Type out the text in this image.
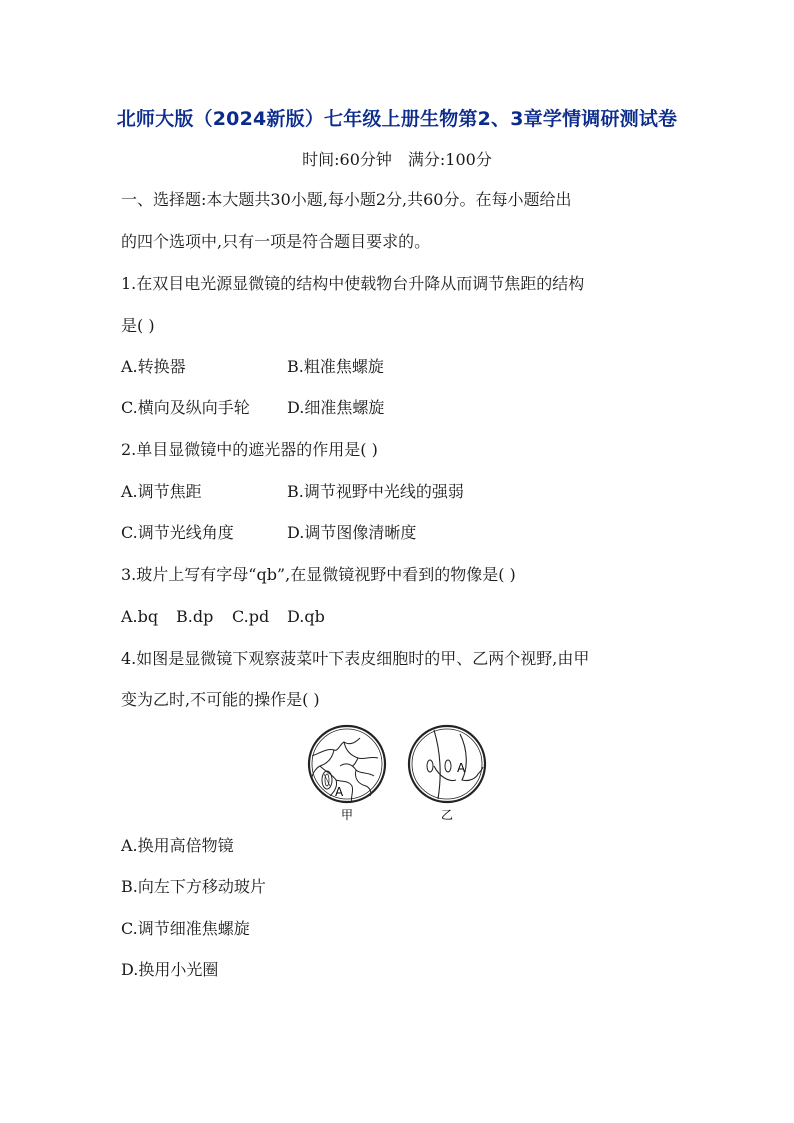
北师大版（2024新版）七年级上册生物第2、3章学情调研测试卷
时间:60分钟　满分:100分
一、选择题:本大题共30小题,每小题2分,共60分。在每小题给出
的四个选项中,只有一项是符合题目要求的。
1.在双目电光源显微镜的结构中使载物台升降从而调节焦距的结构
是( )
A.转换器	B.粗准焦螺旋
C.横向及纵向手轮 D.细准焦螺旋
2.单目显微镜中的遮光器的作用是( )
A.调节焦距	B.调节视野中光线的强弱
C.调节光线角度	D.调节图像清晰度
3.玻片上写有字母“qb”,在显微镜视野中看到的物像是( )
A.bq B.dp C.pd D.qb
4.如图是显微镜下观察菠菜叶下表皮细胞时的甲、乙两个视野,由甲
变为乙时,不可能的操作是( )
A
甲
A
乙
A.换用高倍物镜
B.向左下方移动玻片
C.调节细准焦螺旋
D.换用小光圈
